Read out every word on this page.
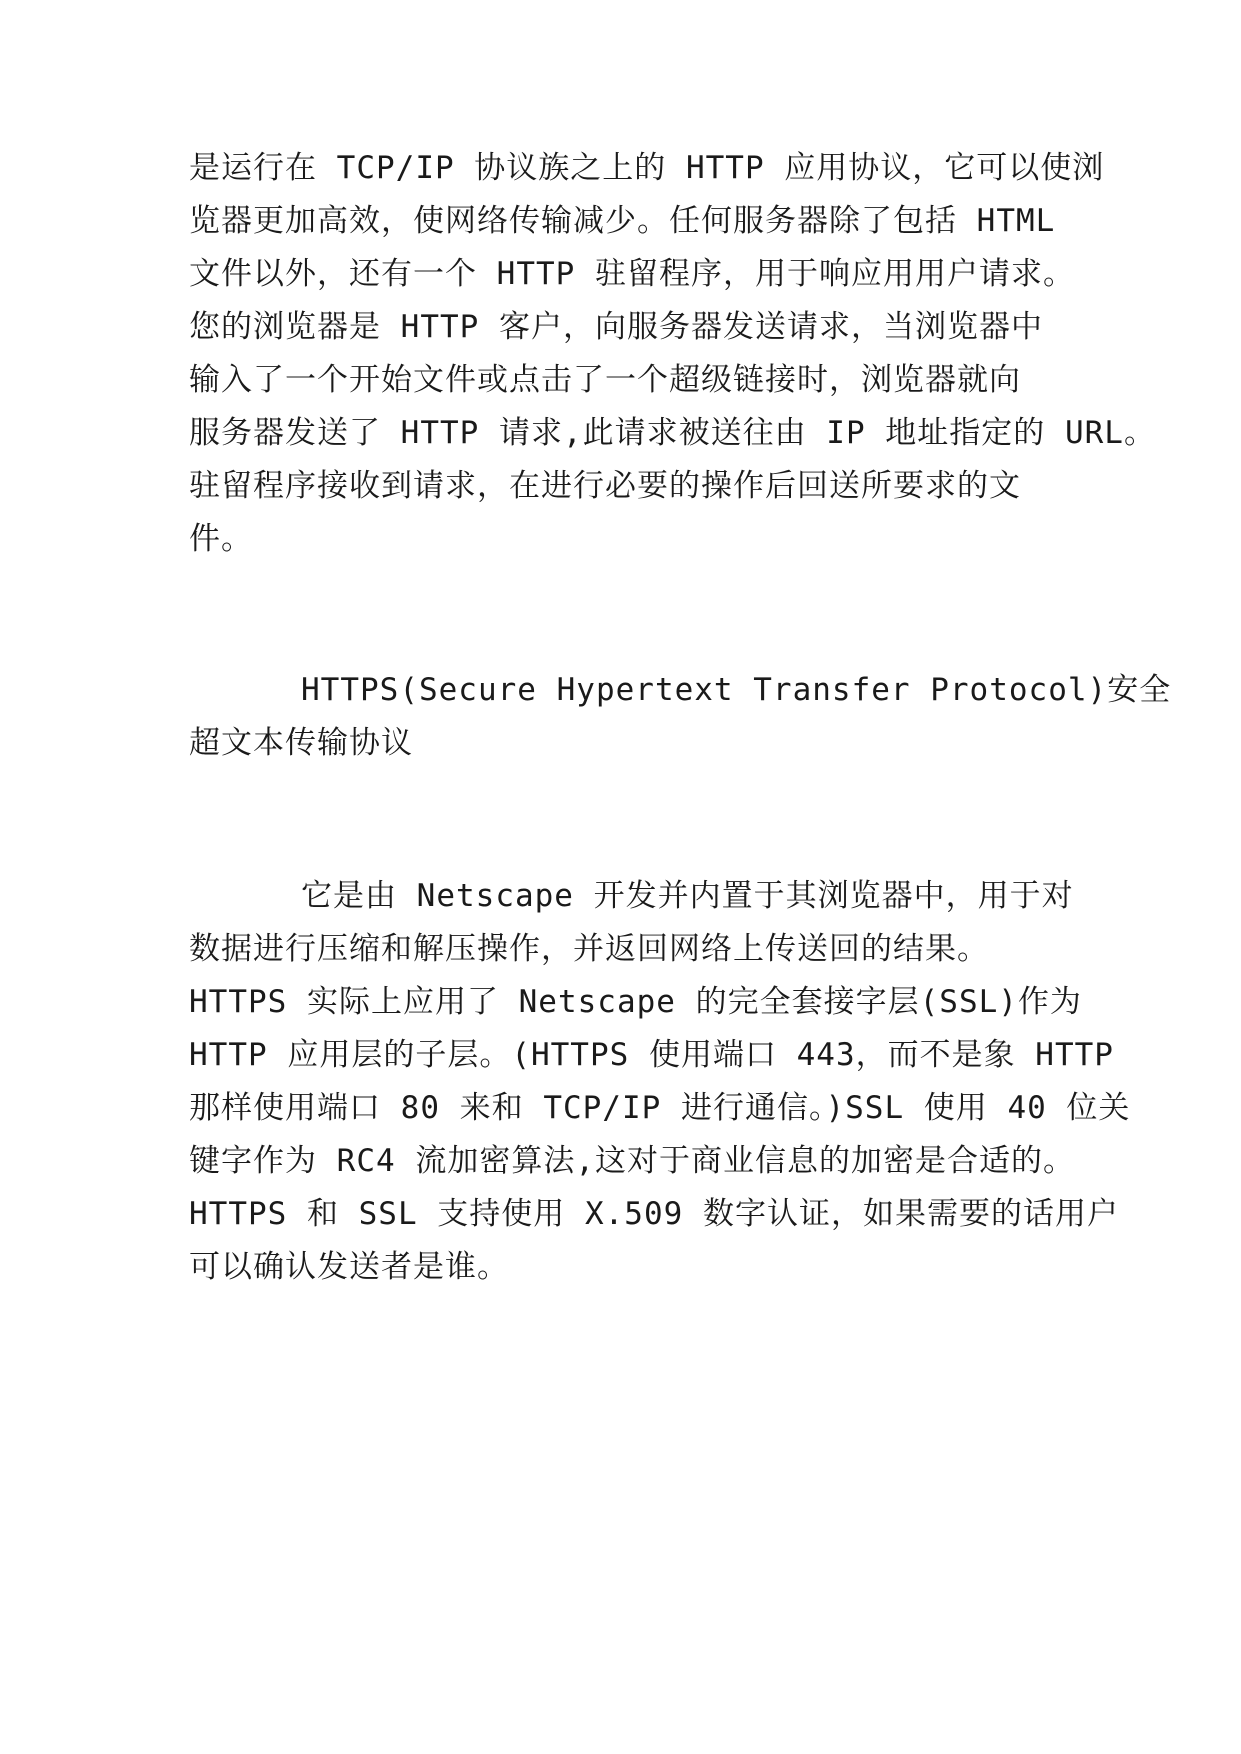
是运行在 TCP/IP 协议族之上的 HTTP 应用协议，它可以使浏
览器更加高效，使网络传输减少。任何服务器除了包括 HTML
文件以外，还有一个 HTTP 驻留程序，用于响应用用户请求。
您的浏览器是 HTTP 客户，向服务器发送请求，当浏览器中
输入了一个开始文件或点击了一个超级链接时，浏览器就向
服务器发送了 HTTP 请求,此请求被送往由 IP 地址指定的 URL。
驻留程序接收到请求，在进行必要的操作后回送所要求的文
件。
HTTPS(Secure Hypertext Transfer Protocol)安全
超文本传输协议
它是由 Netscape 开发并内置于其浏览器中，用于对
数据进行压缩和解压操作，并返回网络上传送回的结果。
HTTPS 实际上应用了 Netscape 的完全套接字层(SSL)作为
HTTP 应用层的子层。(HTTPS 使用端口 443，而不是象 HTTP
那样使用端口 80 来和 TCP/IP 进行通信。)SSL 使用 40 位关
键字作为 RC4 流加密算法,这对于商业信息的加密是合适的。
HTTPS 和 SSL 支持使用 X.509 数字认证，如果需要的话用户
可以确认发送者是谁。
